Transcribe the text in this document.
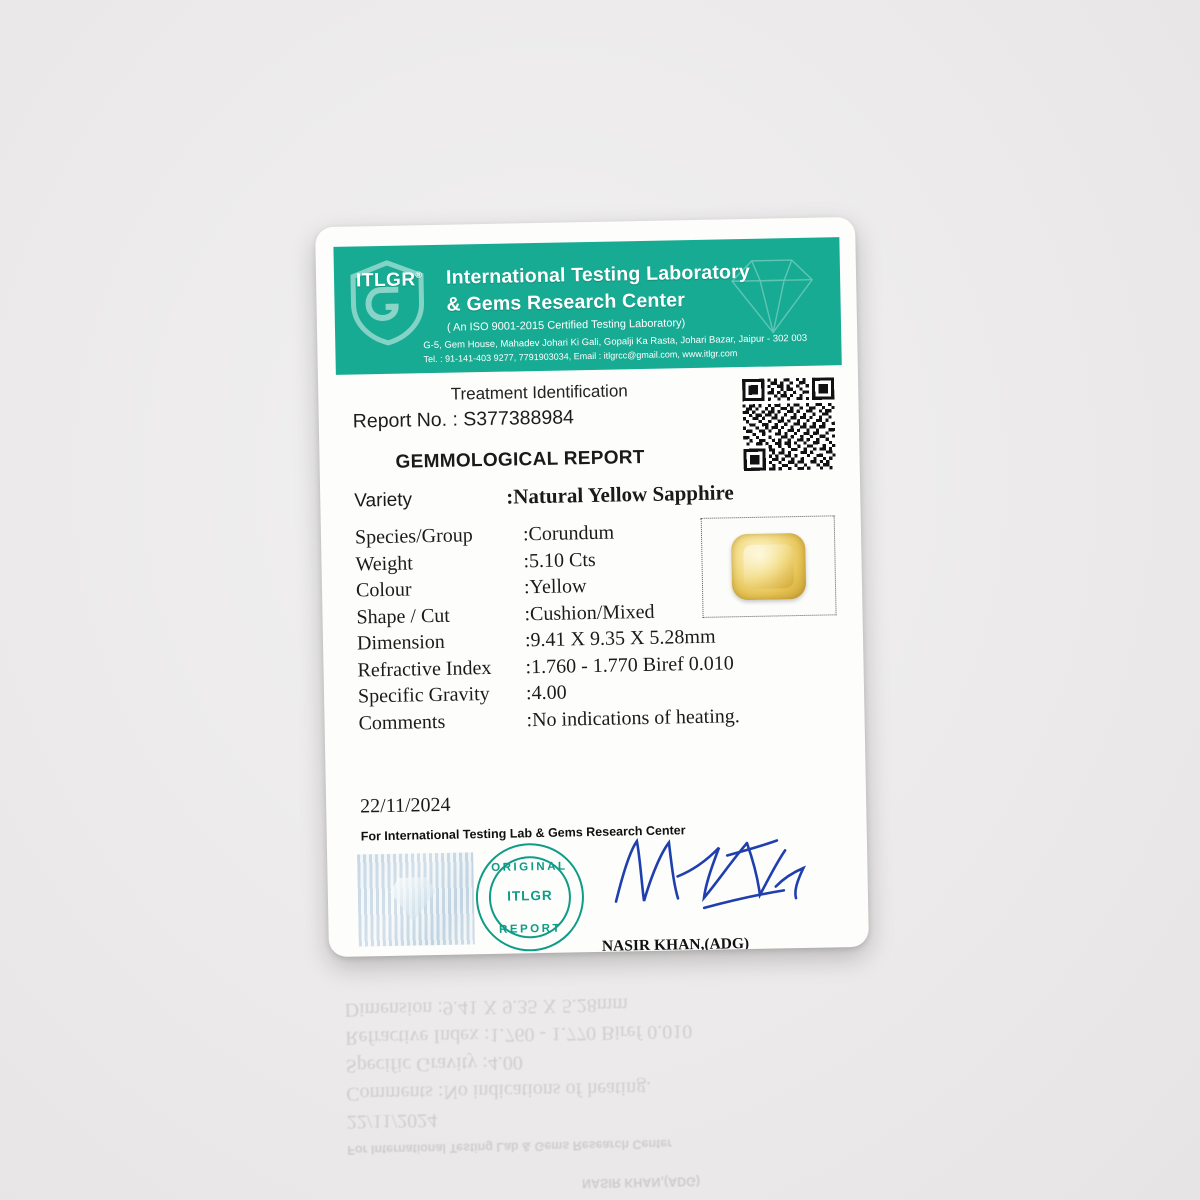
ITLGR® International Testing Laboratory
& Gems Research Center
( An ISO 9001-2015 Certified Testing Laboratory)
G-5, Gem House, Mahadev Johari Ki Gali, Gopalji Ka Rasta, Johari Bazar, Jaipur - 302 003
Tel. : 91-141-403 9277, 7791903034, Email : itlgrcc@gmail.com, www.itlgr.com
Treatment Identification
Report No. : S377388984
GEMMOLOGICAL REPORT
Variety	:Natural Yellow Sapphire
Species/Group	:Corundum
Weight	:5.10 Cts
Colour	:Yellow
Shape / Cut	:Cushion/Mixed
Dimension	:9.41 X 9.35 X 5.28mm
Refractive Index	:1.760 - 1.770 Biref 0.010
Specific Gravity	:4.00
Comments	:No indications of heating.
22/11/2024
For International Testing Lab & Gems Research Center
ORIGINAL
ITLGR
REPORT
NASIR KHAN,(ADG)
NASIR KHAN,(ADG)
For International Testing Lab & Gems Research Center
22/11/2024
Comments :No indications of heating.
Specific Gravity :4.00
Refractive Index :1.760 - 1.770 Biref 0.010
Dimension :9.41 X 9.35 X 5.28mm
